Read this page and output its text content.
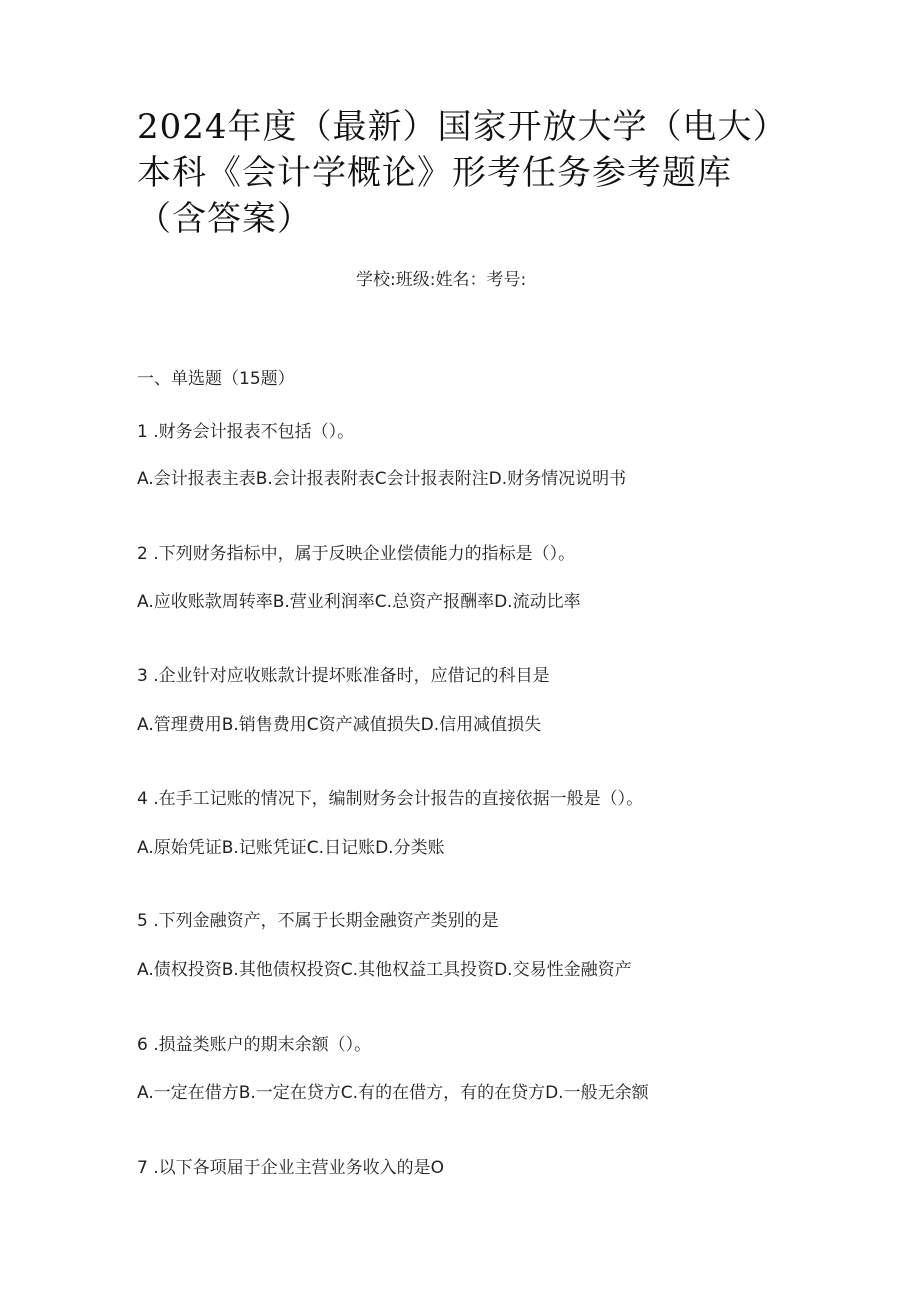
2024年度（最新）国家开放大学（电大）本科《会计学概论》形考任务参考题库（含答案）
学校:班级:姓名：考号:
一、单选题（15题）
1 .财务会计报表不包括（）。
A.会计报表主表B.会计报表附表C会计报表附注D.财务情况说明书
2 .下列财务指标中，属于反映企业偿债能力的指标是（）。
A.应收账款周转率B.营业利润率C.总资产报酬率D.流动比率
3 .企业针对应收账款计提坏账准备时，应借记的科目是
A.管理费用B.销售费用C资产减值损失D.信用减值损失
4 .在手工记账的情况下，编制财务会计报告的直接依据一般是（）。
A.原始凭证B.记账凭证C.日记账D.分类账
5 .下列金融资产，不属于长期金融资产类别的是
A.债权投资B.其他债权投资C.其他权益工具投资D.交易性金融资产
6 .损益类账户的期末余额（）。
A.一定在借方B.一定在贷方C.有的在借方，有的在贷方D.一般无余额
7 .以下各项届于企业主营业务收入的是O
